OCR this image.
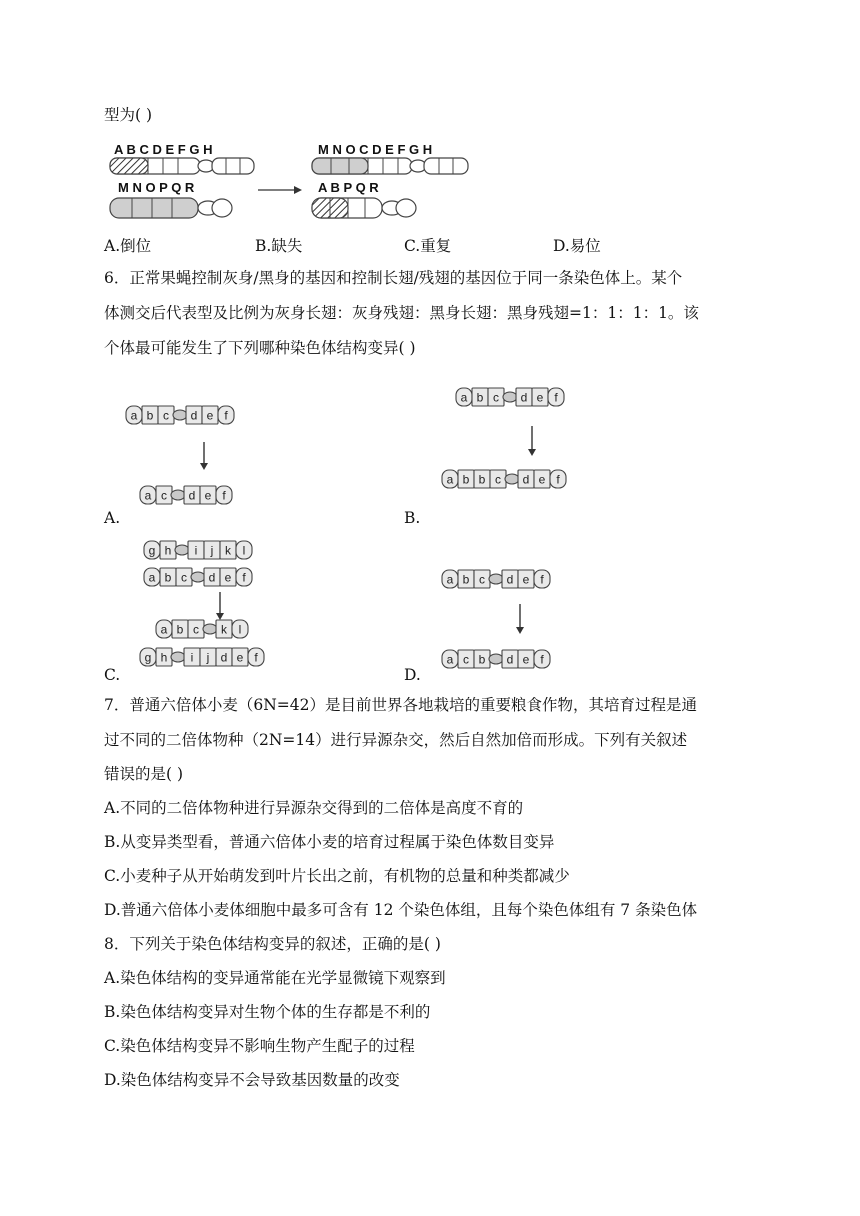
型为( )
A B C D E F G H
M N O P Q R
M N O C D E F G H
A B P Q R
A.倒位	B.缺失	C.重复	D.易位
6．正常果蝇控制灰身/黑身的基因和控制长翅/残翅的基因位于同一条染色体上。某个
体测交后代表型及比例为灰身长翅：灰身残翅：黑身长翅：黑身残翅=1：1：1：1。该
个体最可能发生了下列哪种染色体结构变异( )
a b c d e f
a c d e f
a b c d e f
a b b c d e f
g h i j k l
a b c d e f
a b c k l
g h i j d e f
a b c d e f
a c b d e f
A.	B.
C.	D.
7．普通六倍体小麦（6N=42）是目前世界各地栽培的重要粮食作物，其培育过程是通
过不同的二倍体物种（2N=14）进行异源杂交，然后自然加倍而形成。下列有关叙述
错误的是( )
A.不同的二倍体物种进行异源杂交得到的二倍体是高度不育的
B.从变异类型看，普通六倍体小麦的培育过程属于染色体数目变异
C.小麦种子从开始萌发到叶片长出之前，有机物的总量和种类都减少
D.普通六倍体小麦体细胞中最多可含有 12 个染色体组，且每个染色体组有 7 条染色体
8．下列关于染色体结构变异的叙述，正确的是( )
A.染色体结构的变异通常能在光学显微镜下观察到
B.染色体结构变异对生物个体的生存都是不利的
C.染色体结构变异不影响生物产生配子的过程
D.染色体结构变异不会导致基因数量的改变
